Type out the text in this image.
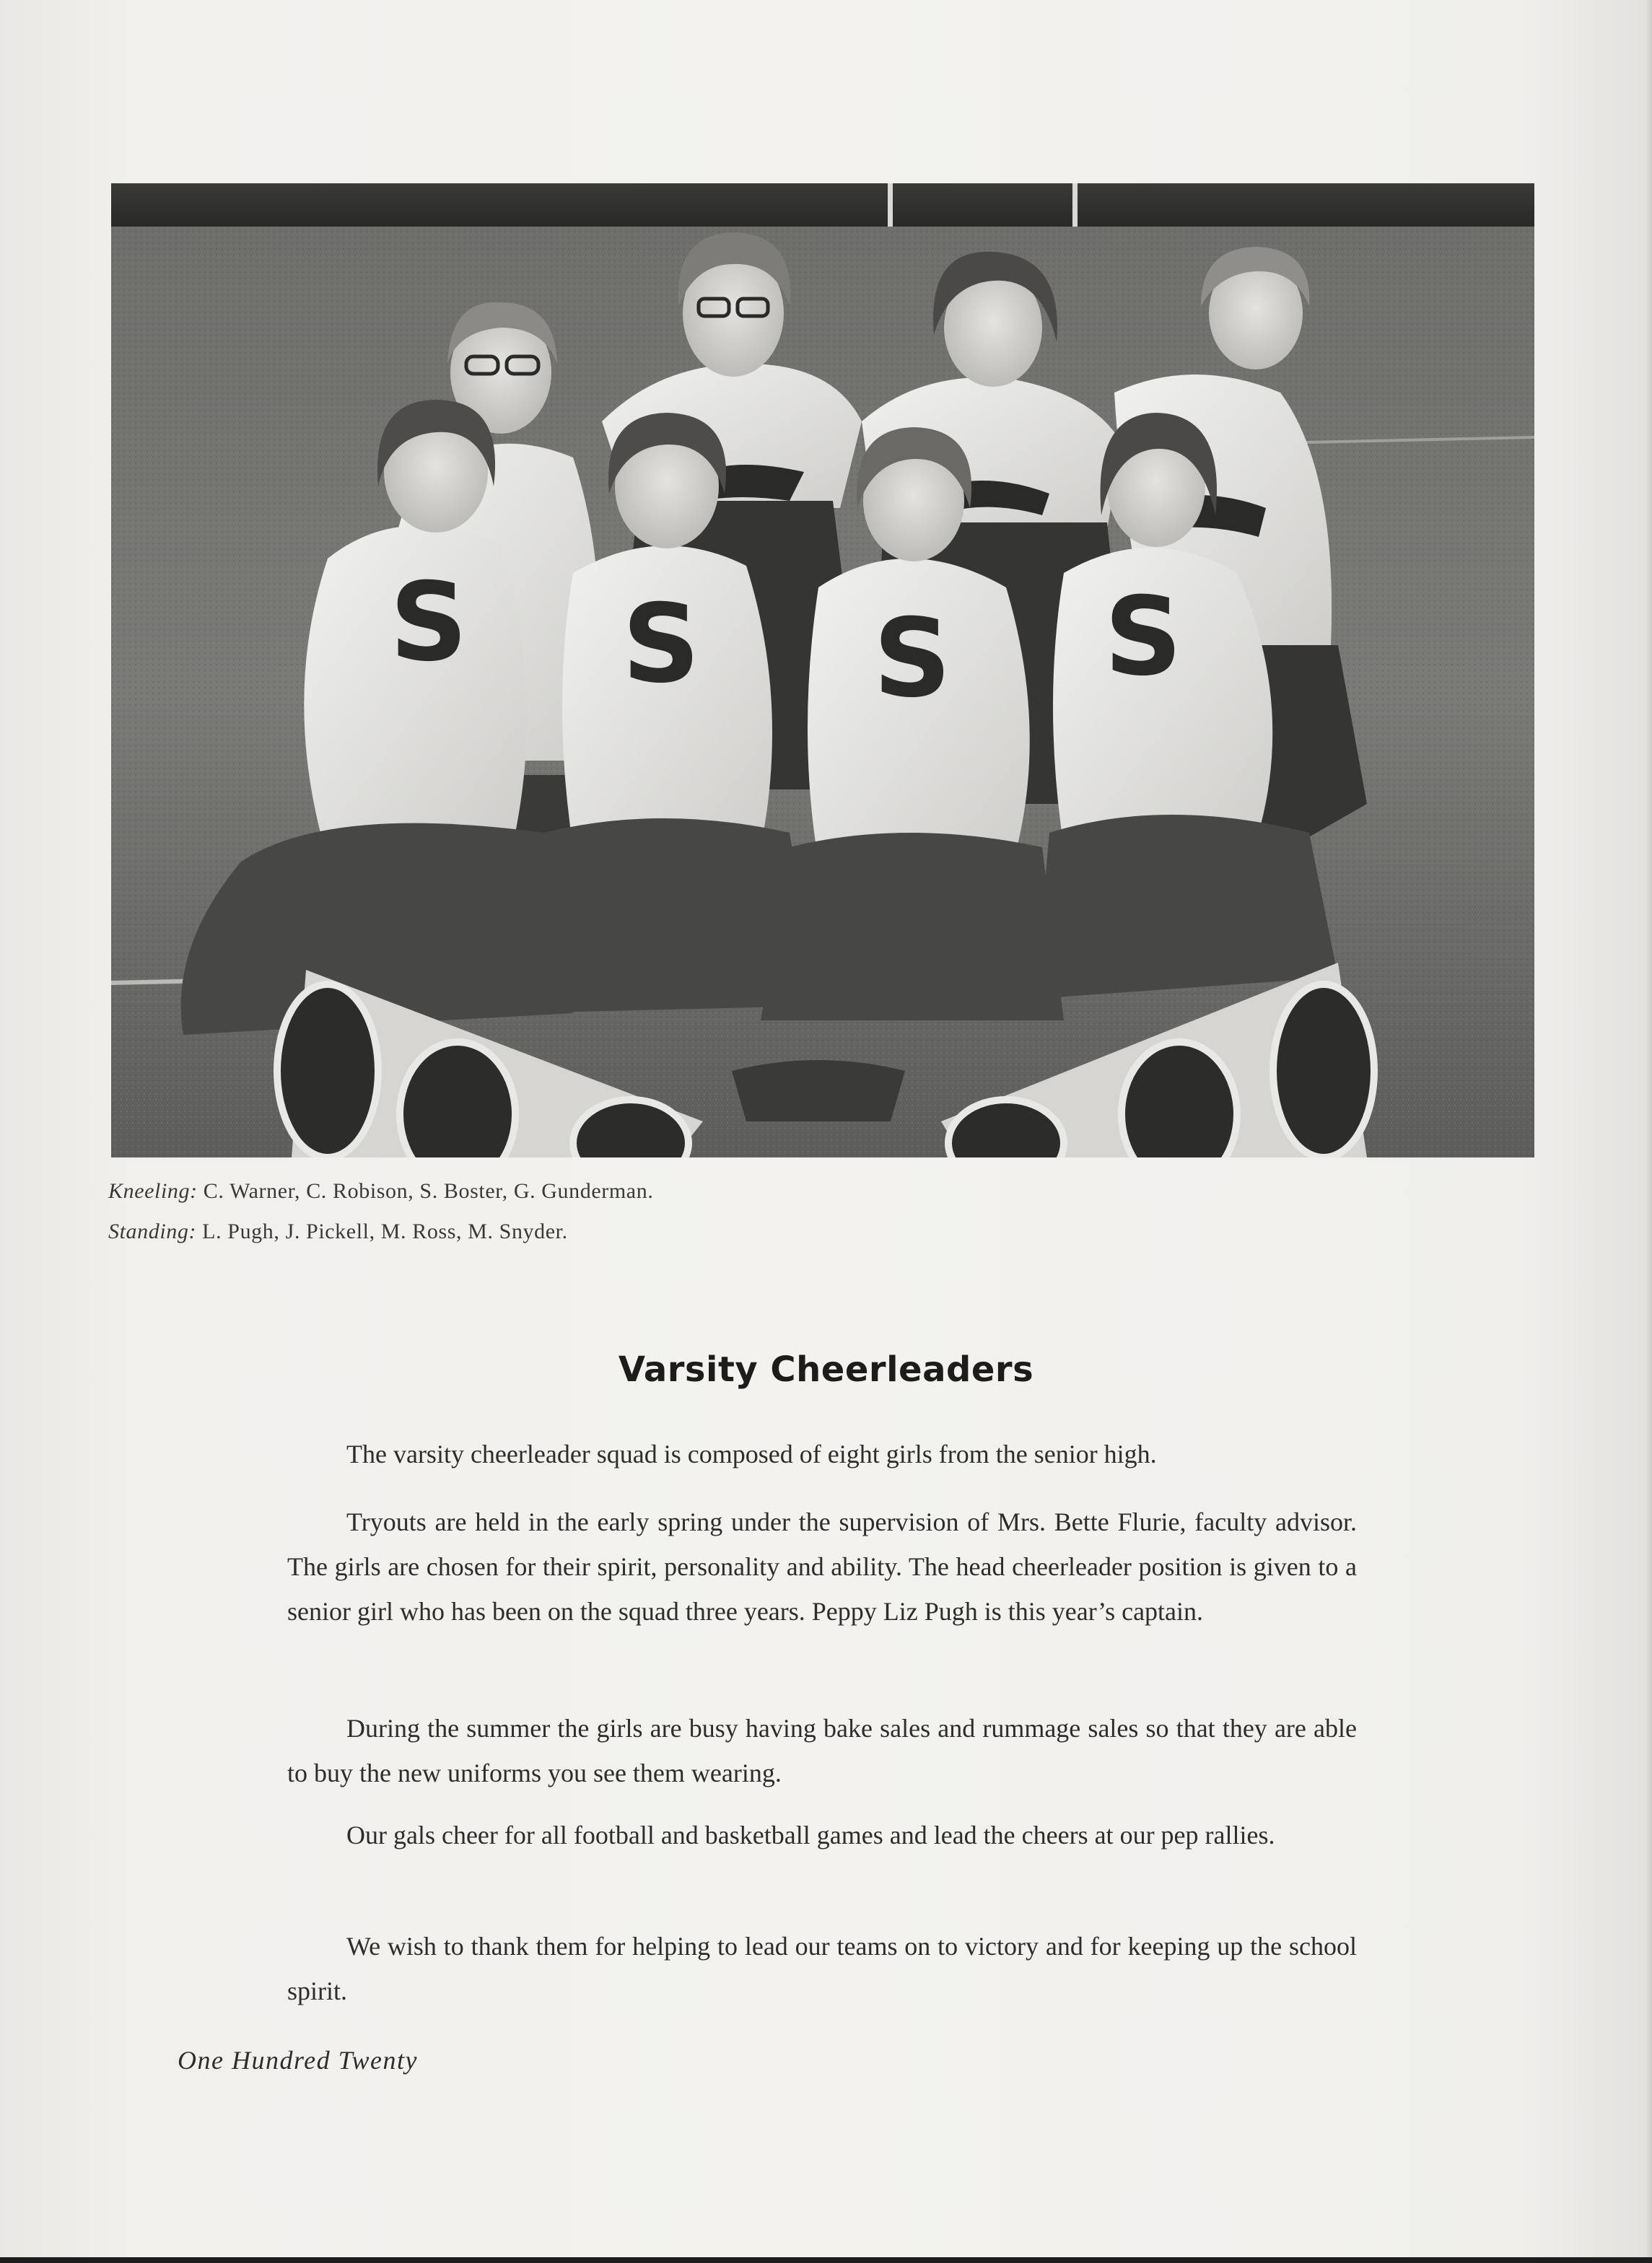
S S S S
Kneeling: C. Warner, C. Robison, S. Boster, G. Gunderman.
Standing: L. Pugh, J. Pickell, M. Ross, M. Snyder.
Varsity Cheerleaders

The varsity cheerleader squad is composed of eight girls from the senior high.

Tryouts are held in the early spring under the supervision of Mrs. Bette Flurie, faculty advisor. The girls are chosen for their spirit, personality and ability. The head cheerleader position is given to a senior girl who has been on the squad three years. Peppy Liz Pugh is this year’s captain.

During the summer the girls are busy having bake sales and rummage sales so that they are able to buy the new uniforms you see them wearing.

Our gals cheer for all football and basketball games and lead the cheers at our pep rallies.

We wish to thank them for helping to lead our teams on to victory and for keeping up the school spirit.

One Hundred Twenty
